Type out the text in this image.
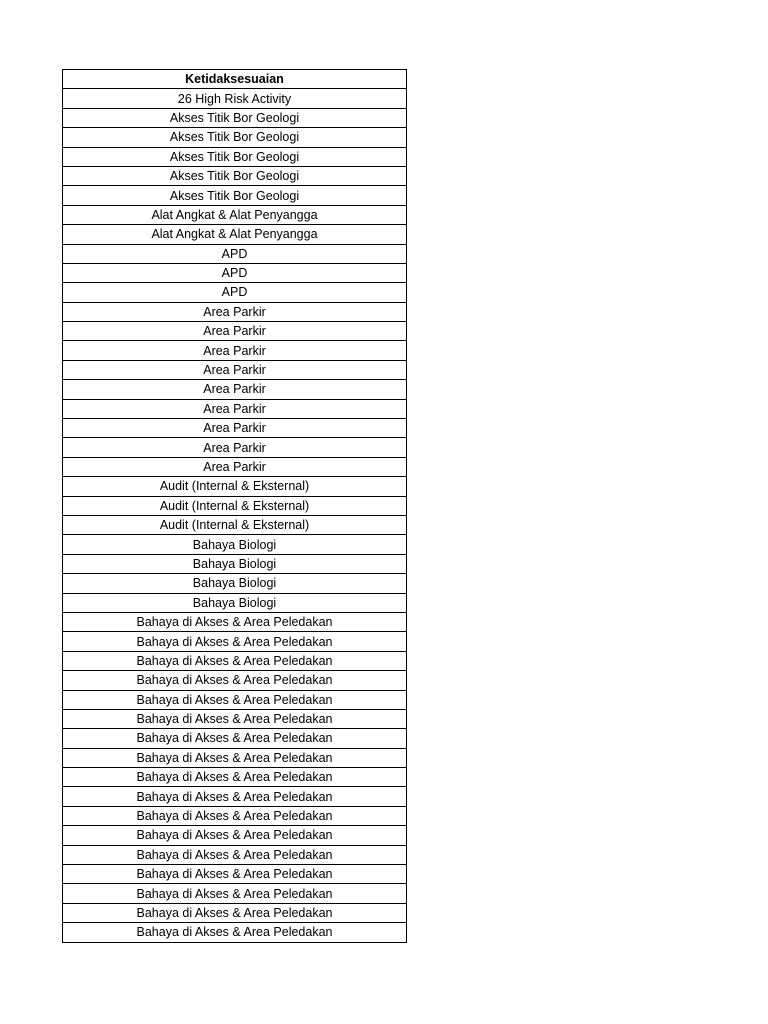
Ketidaksesuaian
26 High Risk Activity
Akses Titik Bor Geologi
Akses Titik Bor Geologi
Akses Titik Bor Geologi
Akses Titik Bor Geologi
Akses Titik Bor Geologi
Alat Angkat & Alat Penyangga
Alat Angkat & Alat Penyangga
APD
APD
APD
Area Parkir
Area Parkir
Area Parkir
Area Parkir
Area Parkir
Area Parkir
Area Parkir
Area Parkir
Area Parkir
Audit (Internal & Eksternal)
Audit (Internal & Eksternal)
Audit (Internal & Eksternal)
Bahaya Biologi
Bahaya Biologi
Bahaya Biologi
Bahaya Biologi
Bahaya di Akses & Area Peledakan
Bahaya di Akses & Area Peledakan
Bahaya di Akses & Area Peledakan
Bahaya di Akses & Area Peledakan
Bahaya di Akses & Area Peledakan
Bahaya di Akses & Area Peledakan
Bahaya di Akses & Area Peledakan
Bahaya di Akses & Area Peledakan
Bahaya di Akses & Area Peledakan
Bahaya di Akses & Area Peledakan
Bahaya di Akses & Area Peledakan
Bahaya di Akses & Area Peledakan
Bahaya di Akses & Area Peledakan
Bahaya di Akses & Area Peledakan
Bahaya di Akses & Area Peledakan
Bahaya di Akses & Area Peledakan
Bahaya di Akses & Area Peledakan
